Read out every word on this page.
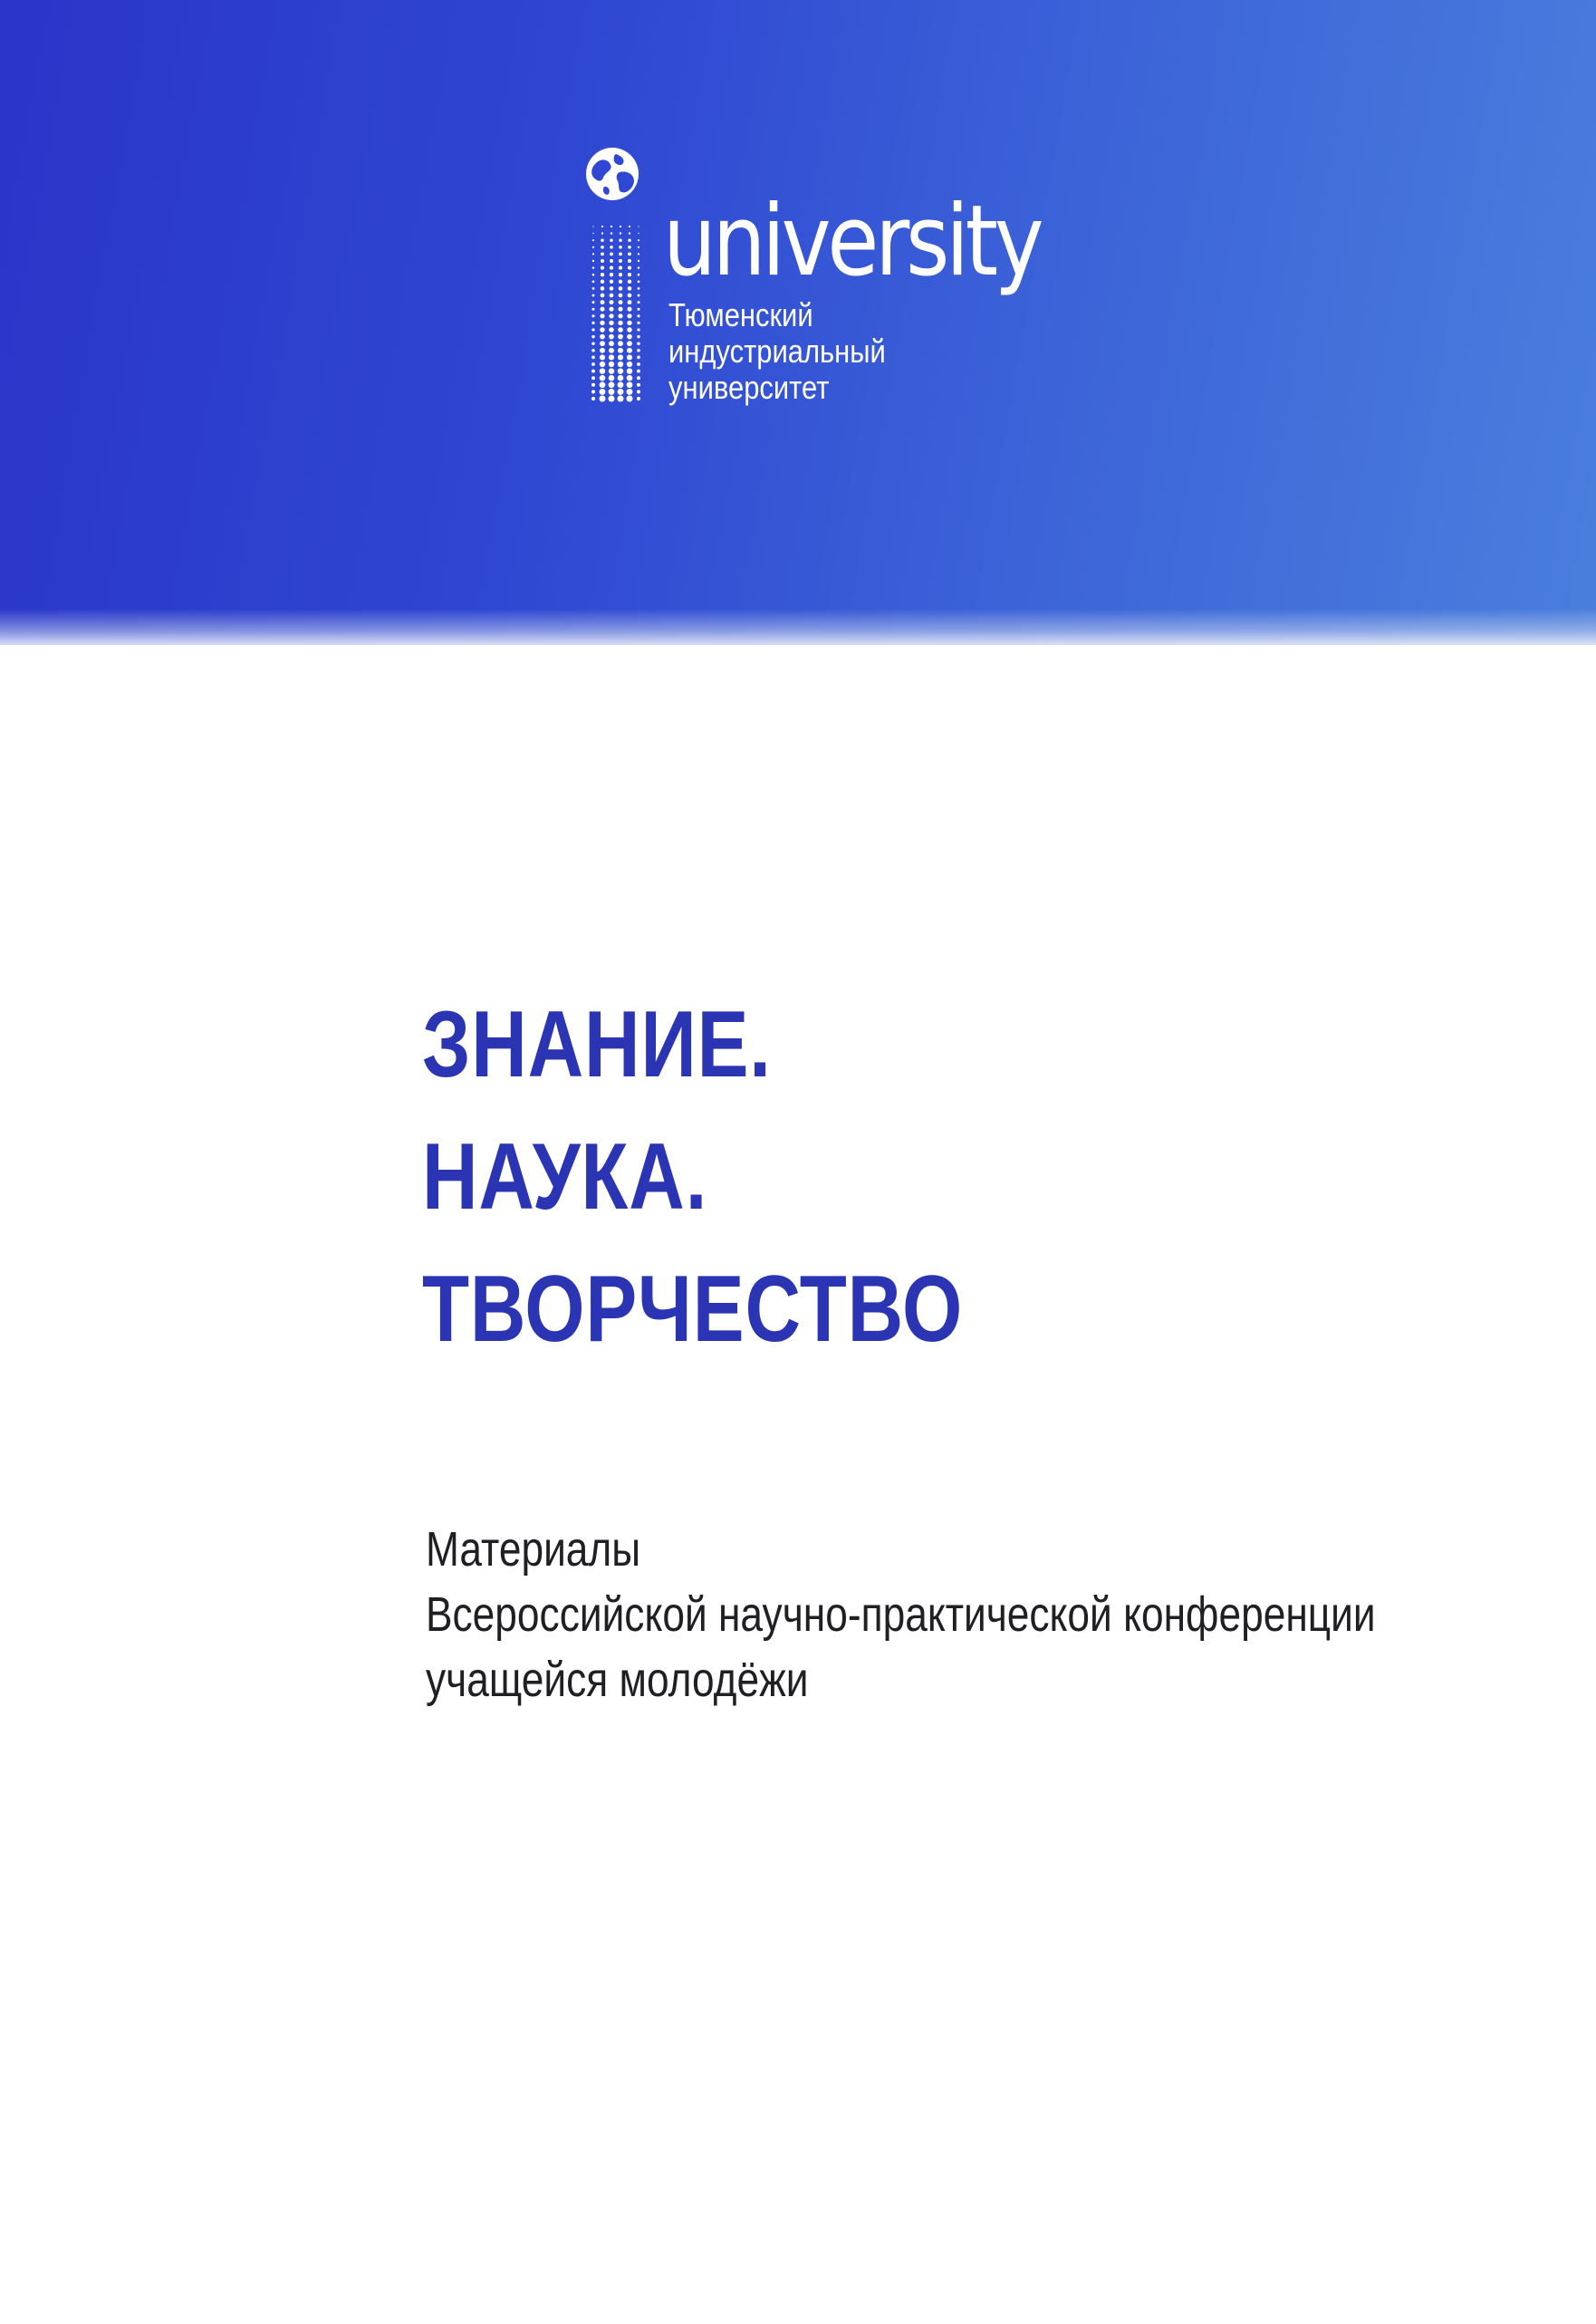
university
Тюменский
индустриальный
университет
ЗНАНИЕ.
НАУКА.
ТВОРЧЕСТВО
Материалы
Всероссийской научно-практической конференции
учащейся молодёжи
